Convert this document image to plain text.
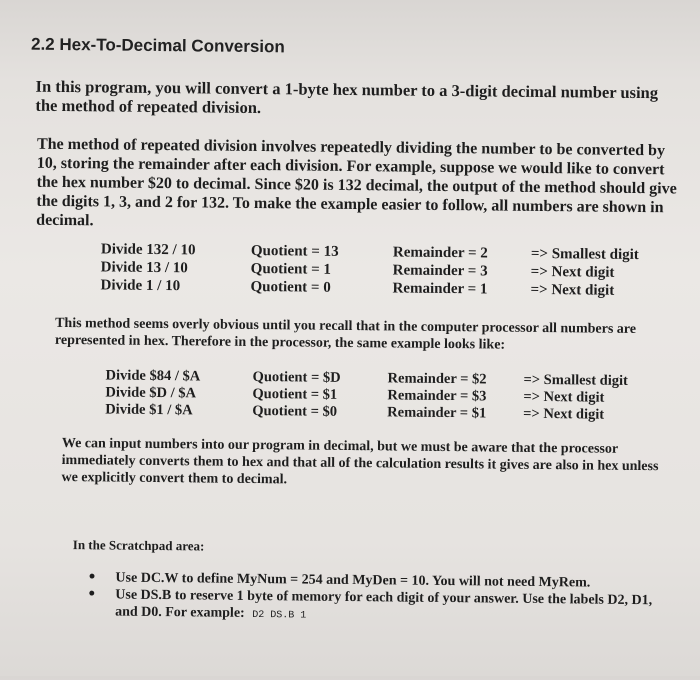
2.2 Hex-To-Decimal Conversion
In this program, you will convert a 1-byte hex number to a 3-digit decimal number using the method of repeated division.
The method of repeated division involves repeatedly dividing the number to be converted by 10, storing the remainder after each division. For example, suppose we would like to convert the hex number $20 to decimal. Since $20 is 132 decimal, the output of the method should give the digits 1, 3, and 2 for 132. To make the example easier to follow, all numbers are shown in decimal.
Divide 132 / 10	Quotient = 13	Remainder = 2	=> Smallest digit
Divide 13 / 10	Quotient = 1	Remainder = 3	=> Next digit
Divide 1 / 10	Quotient = 0	Remainder = 1	=> Next digit
This method seems overly obvious until you recall that in the computer processor all numbers are represented in hex. Therefore in the processor, the same example looks like:
Divide $84 / $A	Quotient = $D	Remainder = $2	=> Smallest digit
Divide $D / $A	Quotient = $1	Remainder = $3	=> Next digit
Divide $1 / $A	Quotient = $0	Remainder = $1	=> Next digit
We can input numbers into our program in decimal, but we must be aware that the processor immediately converts them to hex and that all of the calculation results it gives are also in hex unless we explicitly convert them to decimal.
In the Scratchpad area:
• Use DC.W to define MyNum = 254 and MyDen = 10. You will not need MyRem.
• Use DS.B to reserve 1 byte of memory for each digit of your answer. Use the labels D2, D1, and D0. For example: D2 DS.B 1
